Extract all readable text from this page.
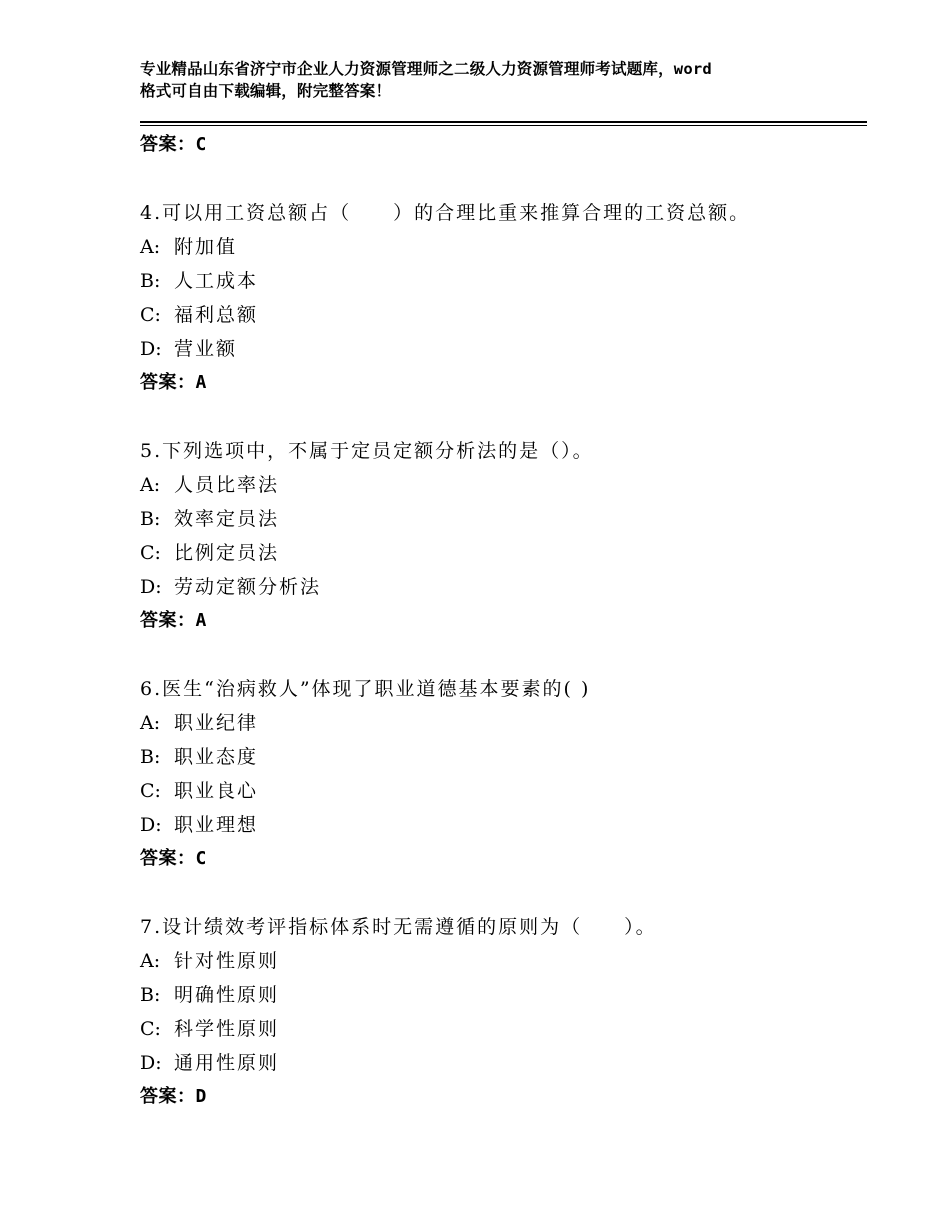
专业精品山东省济宁市企业人力资源管理师之二级人力资源管理师考试题库，word
格式可自由下载编辑，附完整答案！
答案：C
4.可以用工资总额占（　　）的合理比重来推算合理的工资总额。
A: 附加值
B: 人工成本
C: 福利总额
D: 营业额
答案：A
5.下列选项中，不属于定员定额分析法的是（）。
A: 人员比率法
B: 效率定员法
C: 比例定员法
D: 劳动定额分析法
答案：A
6.医生“治病救人”体现了职业道德基本要素的( )
A: 职业纪律
B: 职业态度
C: 职业良心
D: 职业理想
答案：C
7.设计绩效考评指标体系时无需遵循的原则为（　　）。
A: 针对性原则
B: 明确性原则
C: 科学性原则
D: 通用性原则
答案：D
